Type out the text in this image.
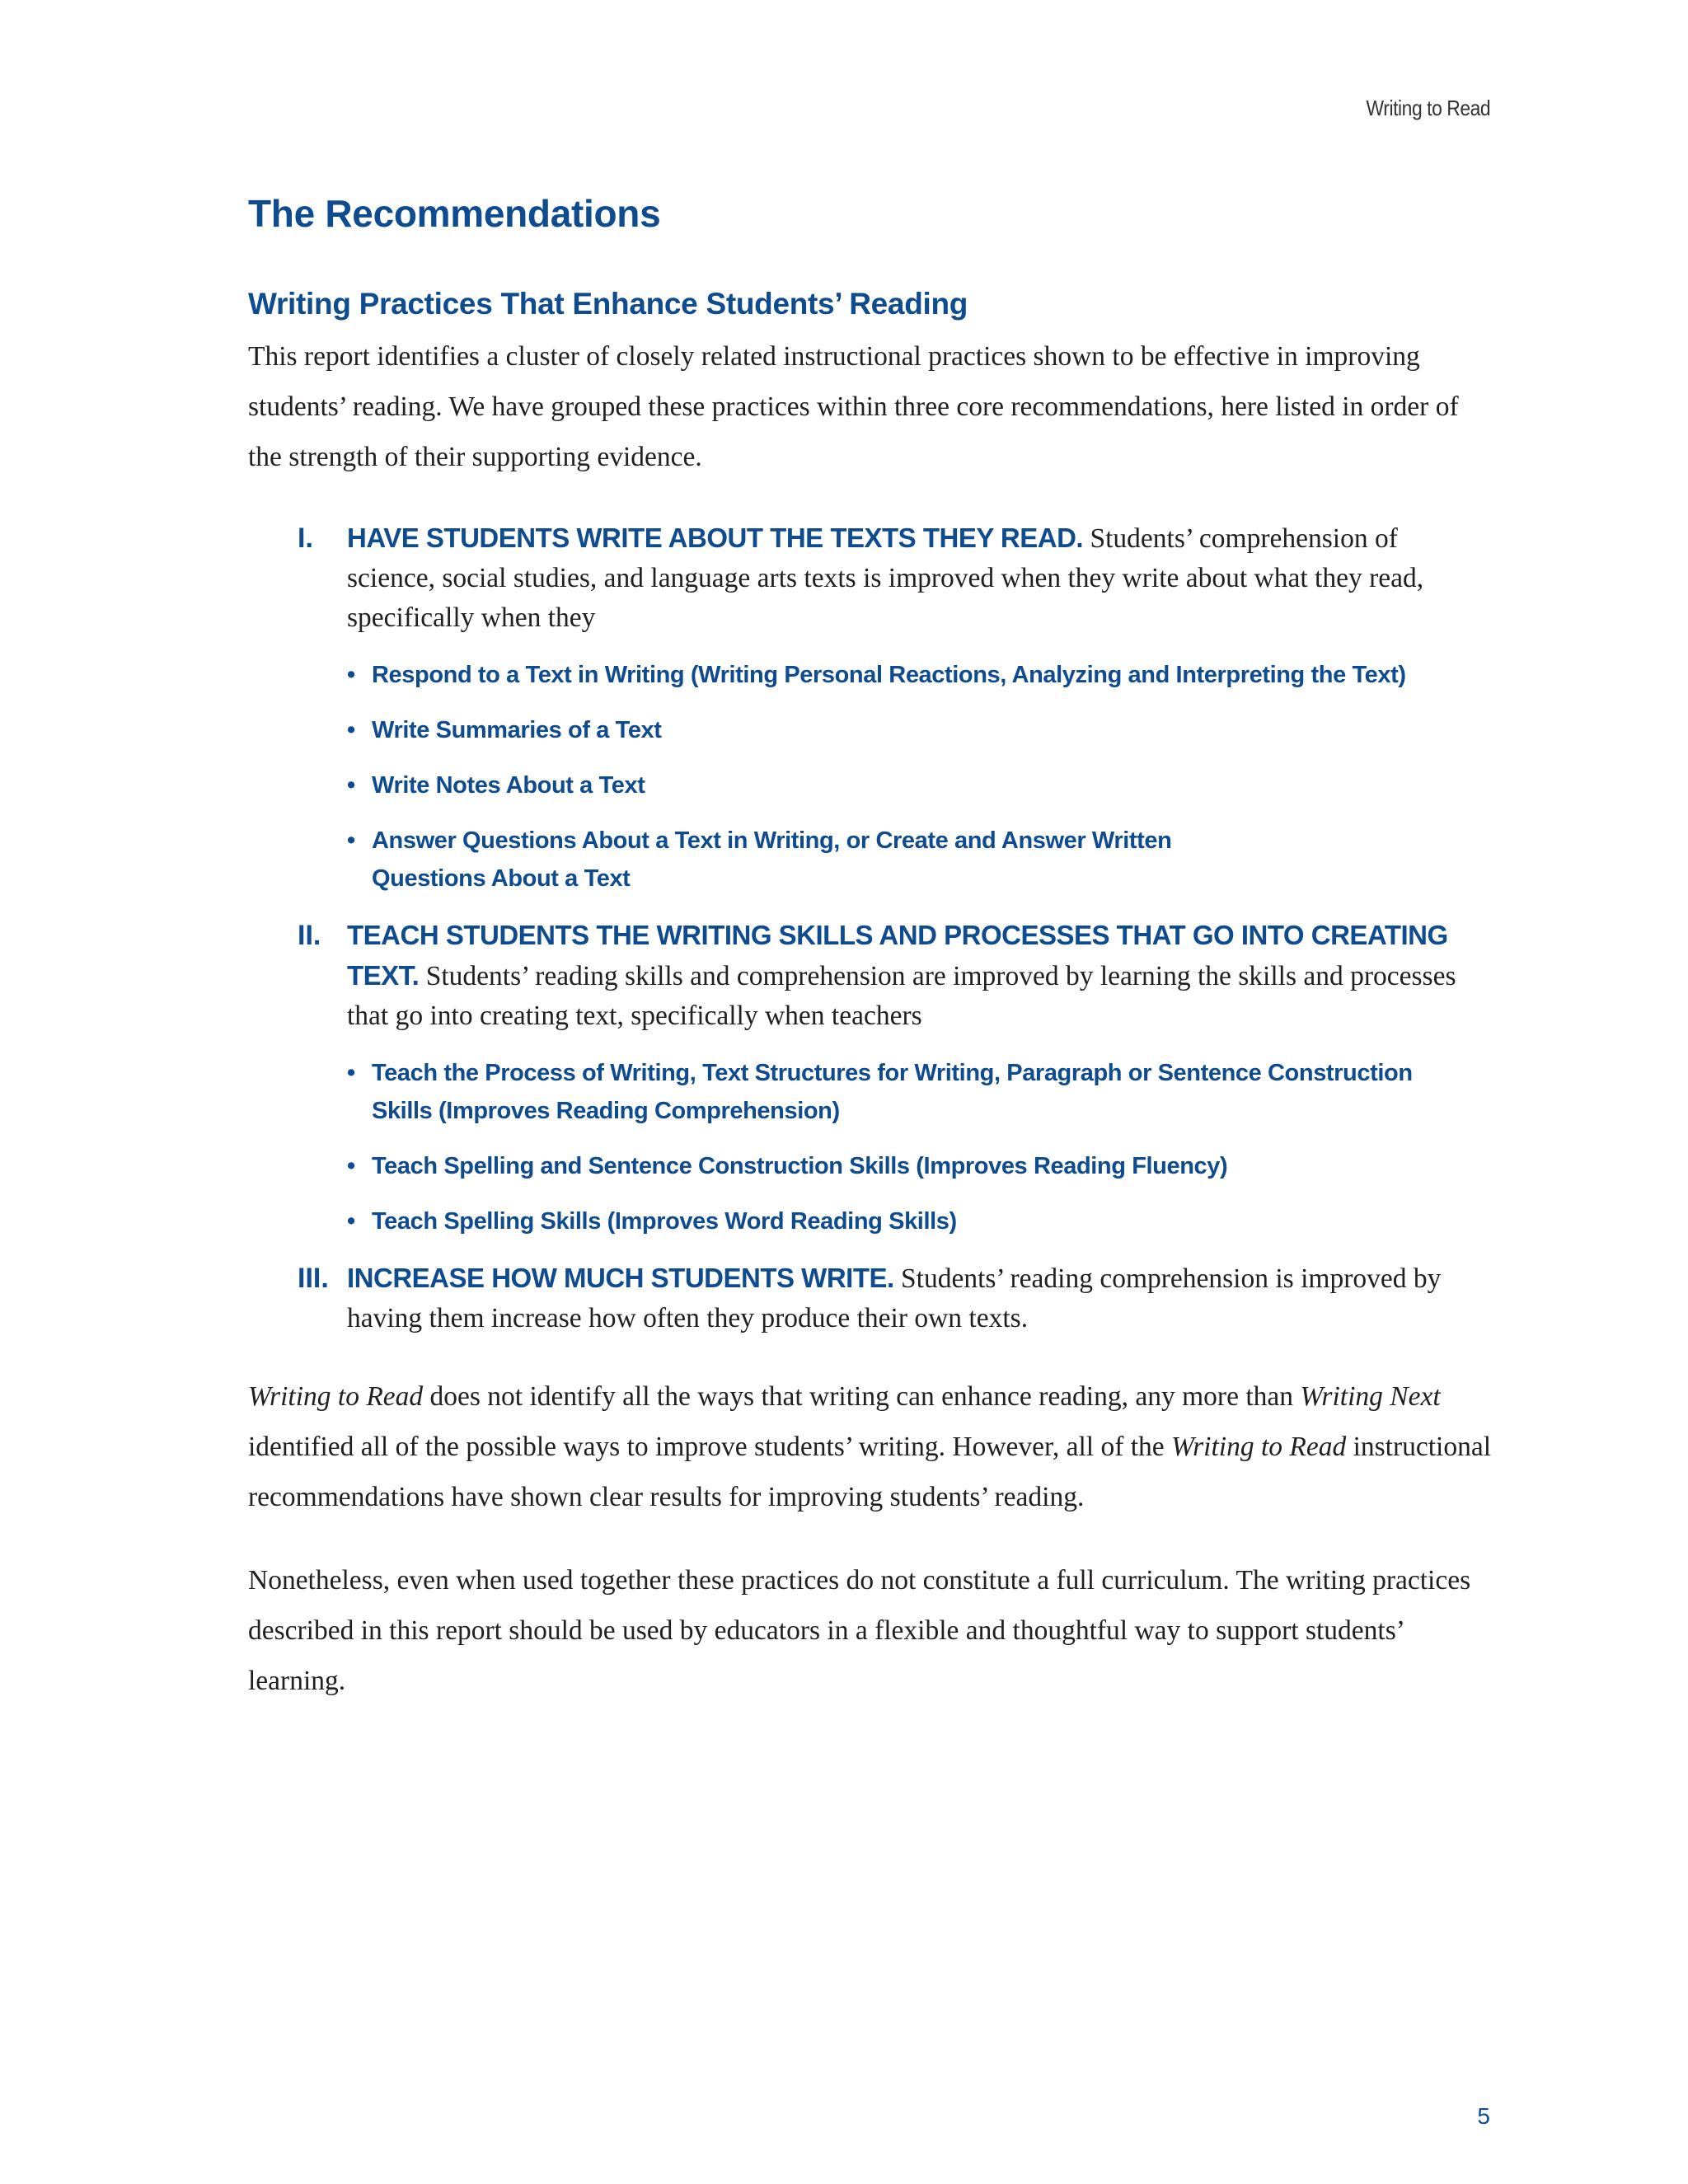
Writing to Read
The Recommendations
Writing Practices That Enhance Students’ Reading

This report identifies a cluster of closely related instructional practices shown to be effective in improving students’ reading. We have grouped these practices within three core recommendations, here listed in order of the strength of their supporting evidence.

I. HAVE STUDENTS WRITE ABOUT THE TEXTS THEY READ. Students’ comprehension of science, social studies, and language arts texts is improved when they write about what they read, specifically when they

• Respond to a Text in Writing (Writing Personal Reactions, Analyzing and Interpreting the Text)
• Write Summaries of a Text
• Write Notes About a Text
• Answer Questions About a Text in Writing, or Create and Answer Written Questions About a Text
II. TEACH STUDENTS THE WRITING SKILLS AND PROCESSES THAT GO INTO CREATING TEXT. Students’ reading skills and comprehension are improved by learning the skills and processes that go into creating text, specifically when teachers

• Teach the Process of Writing, Text Structures for Writing, Paragraph or Sentence Construction Skills (Improves Reading Comprehension)
• Teach Spelling and Sentence Construction Skills (Improves Reading Fluency)
• Teach Spelling Skills (Improves Word Reading Skills)
III. INCREASE HOW MUCH STUDENTS WRITE. Students’ reading comprehension is improved by having them increase how often they produce their own texts.

Writing to Read does not identify all the ways that writing can enhance reading, any more than Writing Next identified all of the possible ways to improve students’ writing. However, all of the Writing to Read instructional recommendations have shown clear results for improving students’ reading.

Nonetheless, even when used together these practices do not constitute a full curriculum. The writing practices described in this report should be used by educators in a flexible and thoughtful way to support students’ learning.

5
